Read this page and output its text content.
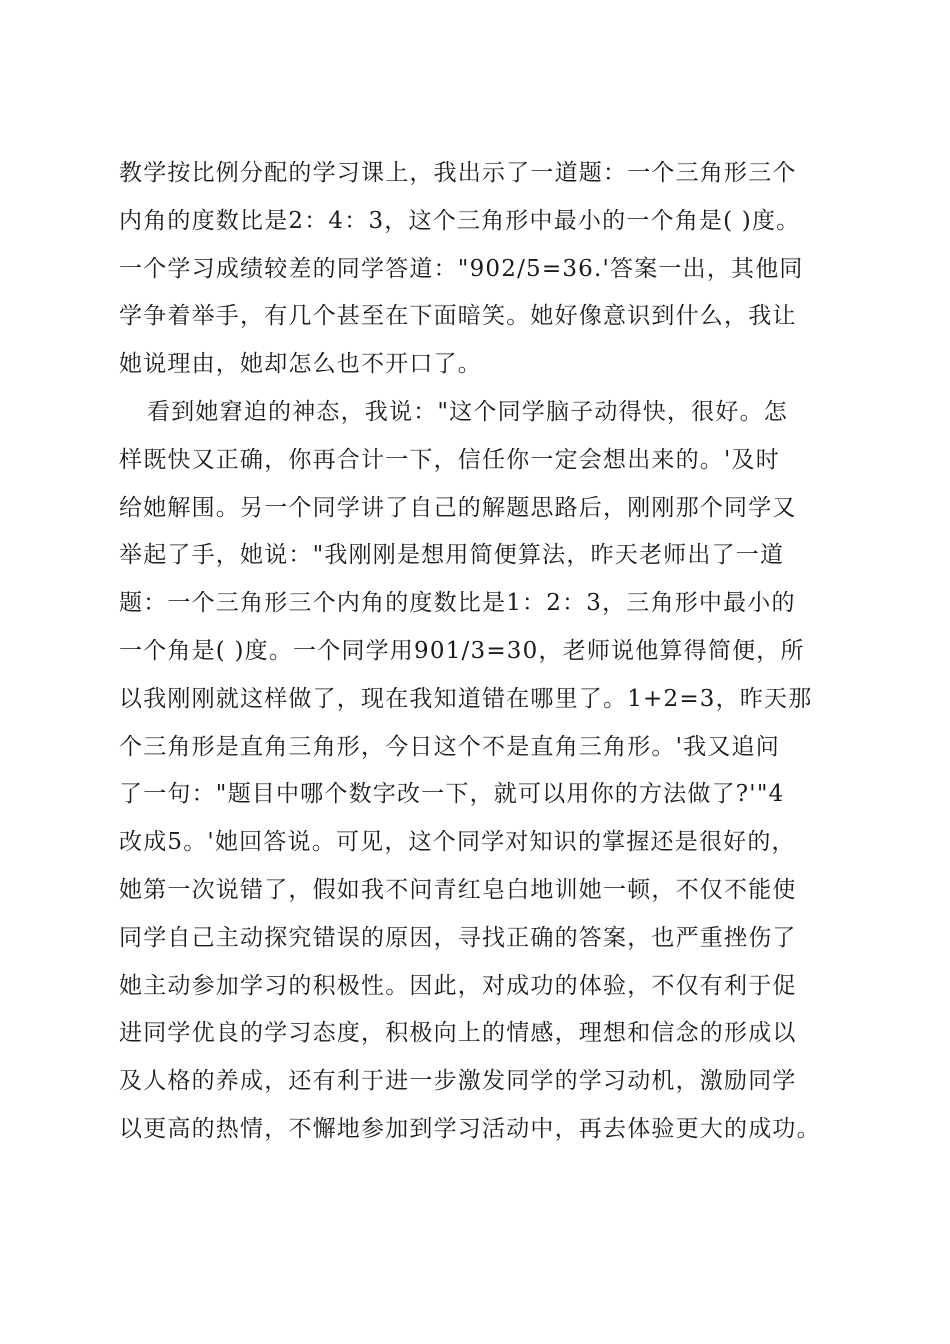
教学按比例分配的学习课上，我出示了一道题：一个三角形三个
内角的度数比是2：4：3，这个三角形中最小的一个角是( )度。
一个学习成绩较差的同学答道："902/5=36.'答案一出，其他同
学争着举手，有几个甚至在下面暗笑。她好像意识到什么，我让
她说理由，她却怎么也不开口了。
看到她窘迫的神态，我说："这个同学脑子动得快，很好。怎
样既快又正确，你再合计一下，信任你一定会想出来的。'及时
给她解围。另一个同学讲了自己的解题思路后，刚刚那个同学又
举起了手，她说："我刚刚是想用简便算法，昨天老师出了一道
题：一个三角形三个内角的度数比是1：2：3，三角形中最小的
一个角是( )度。一个同学用901/3=30，老师说他算得简便，所
以我刚刚就这样做了，现在我知道错在哪里了。1+2=3，昨天那
个三角形是直角三角形，今日这个不是直角三角形。'我又追问
了一句："题目中哪个数字改一下，就可以用你的方法做了?'"4
改成5。'她回答说。可见，这个同学对知识的掌握还是很好的，
她第一次说错了，假如我不问青红皂白地训她一顿，不仅不能使
同学自己主动探究错误的原因，寻找正确的答案，也严重挫伤了
她主动参加学习的积极性。因此，对成功的体验，不仅有利于促
进同学优良的学习态度，积极向上的情感，理想和信念的形成以
及人格的养成，还有利于进一步激发同学的学习动机，激励同学
以更高的热情，不懈地参加到学习活动中，再去体验更大的成功。
